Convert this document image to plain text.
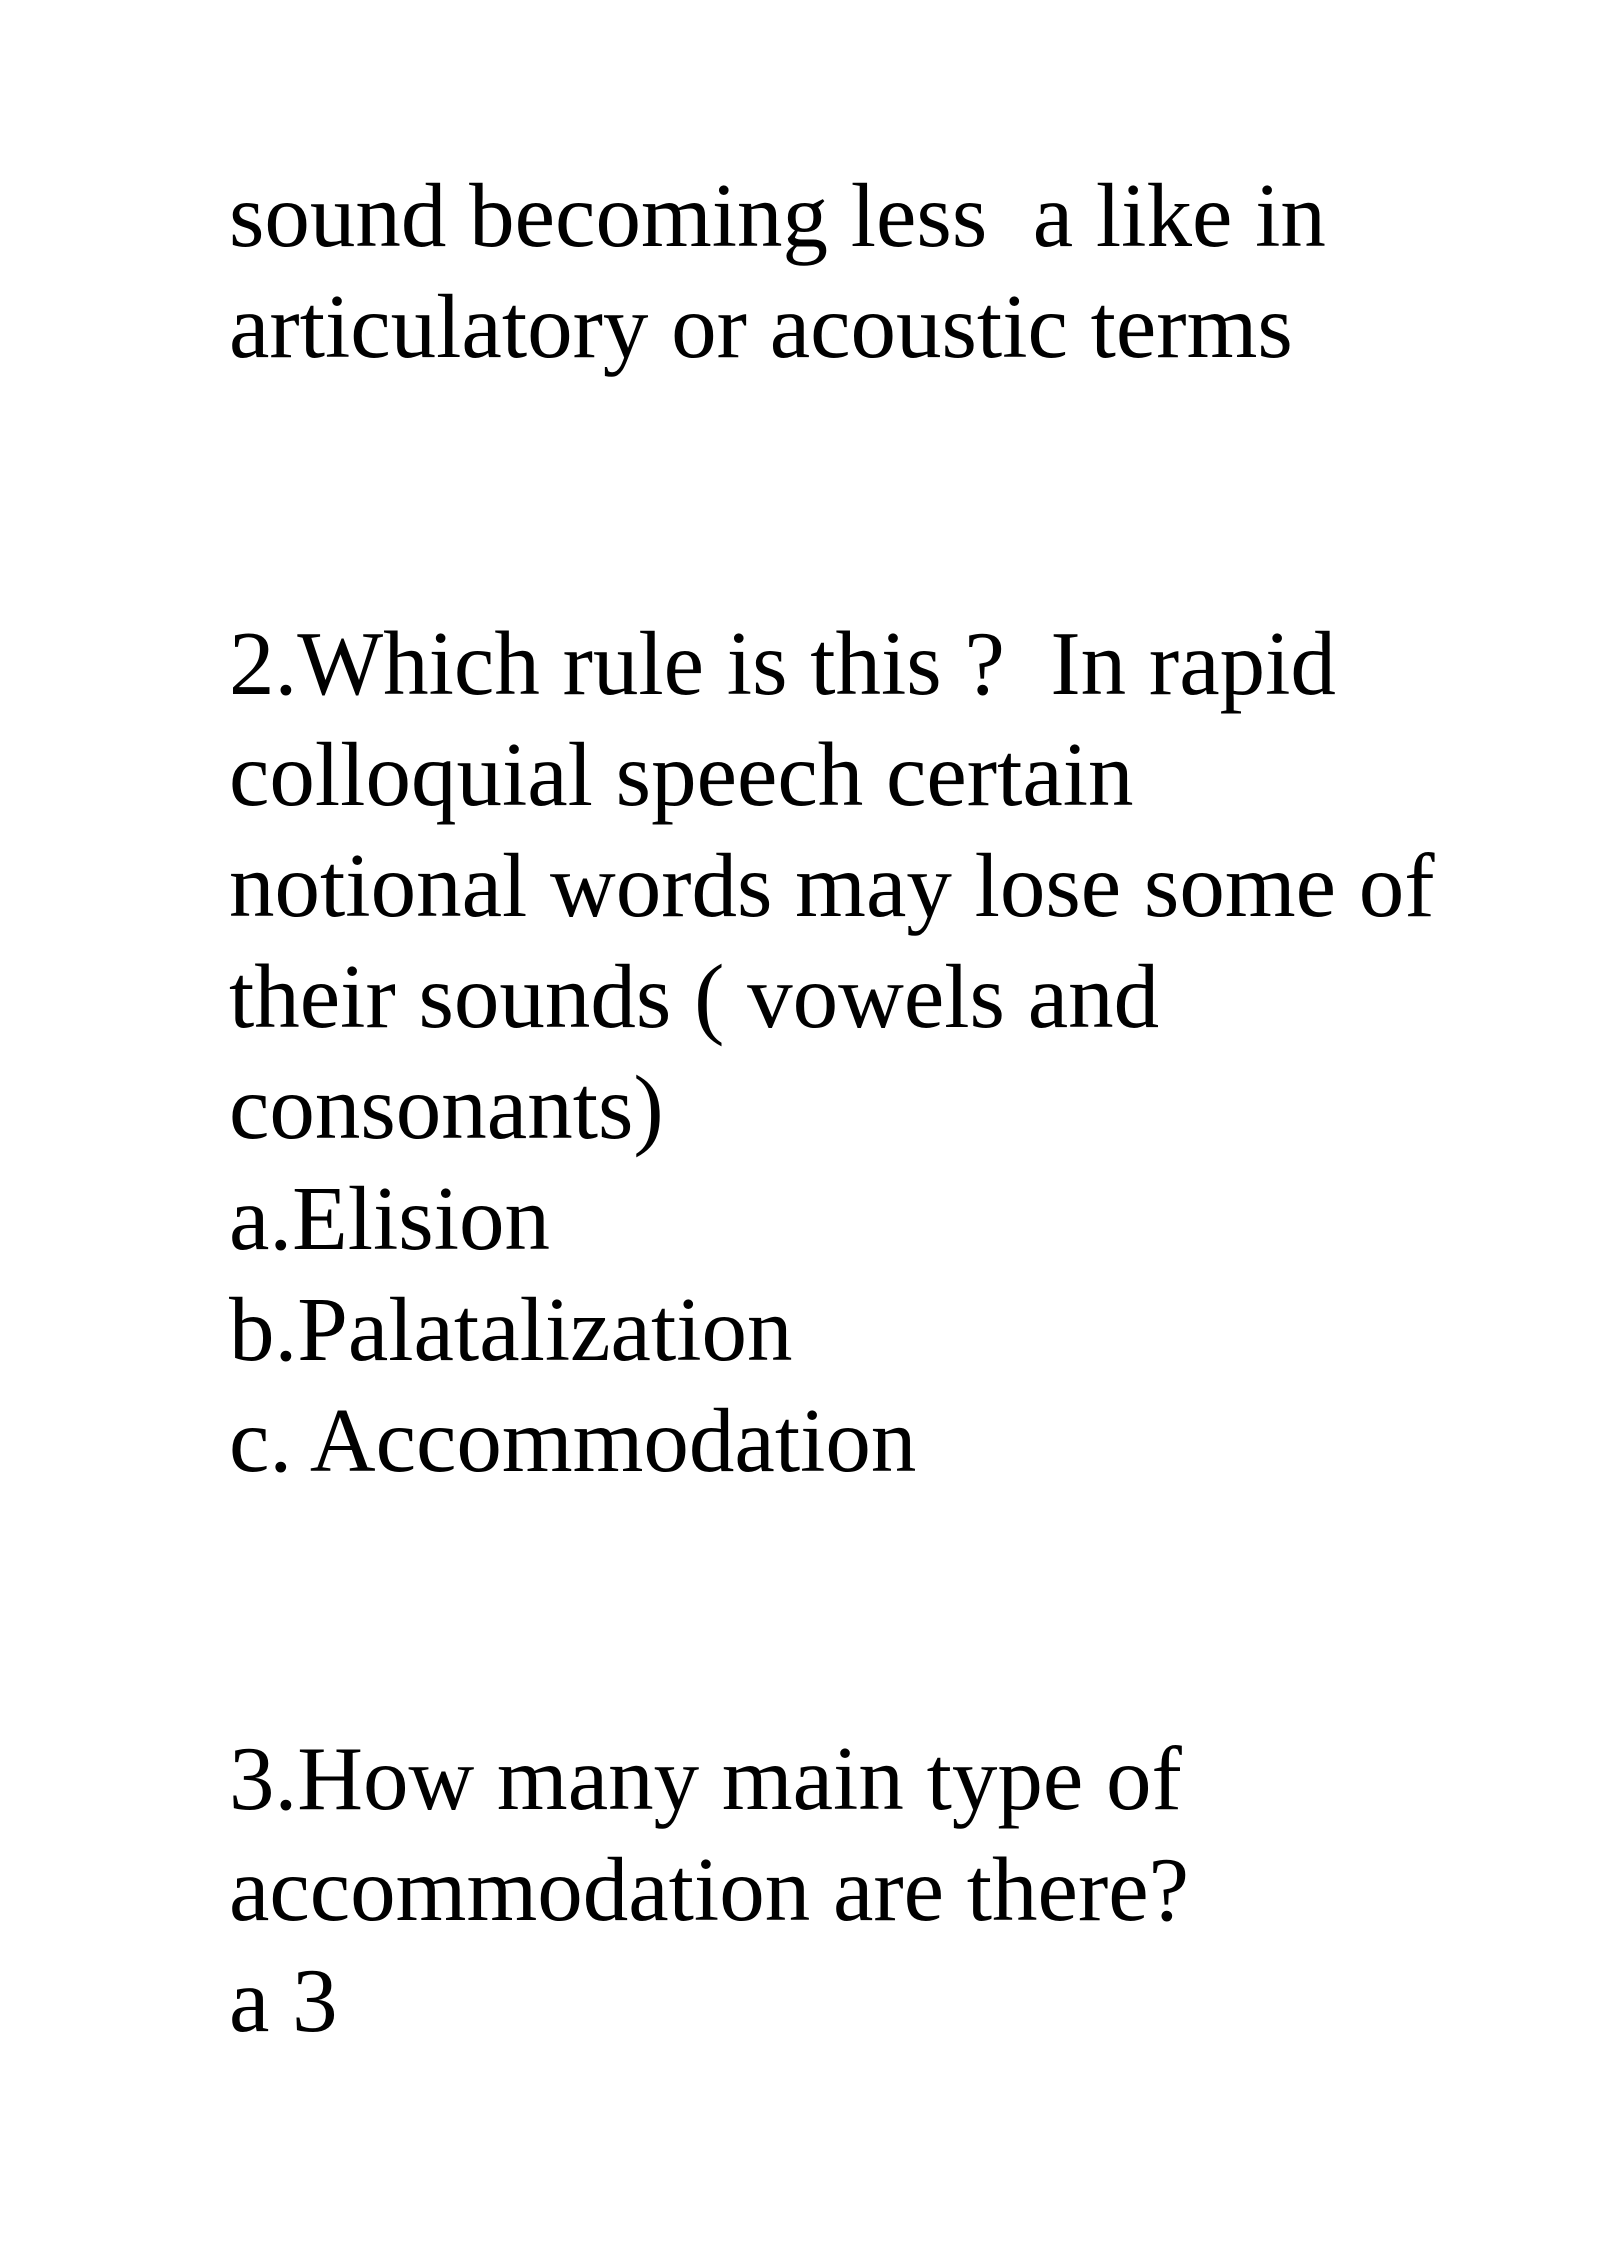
sound becoming less  a like in
articulatory or acoustic terms
2.Which rule is this ?  In rapid
colloquial speech certain
notional words may lose some of
their sounds ( vowels and
consonants)
a.Elision
b.Palatalization
c. Accommodation
3.How many main type of
accommodation are there?
a 3
